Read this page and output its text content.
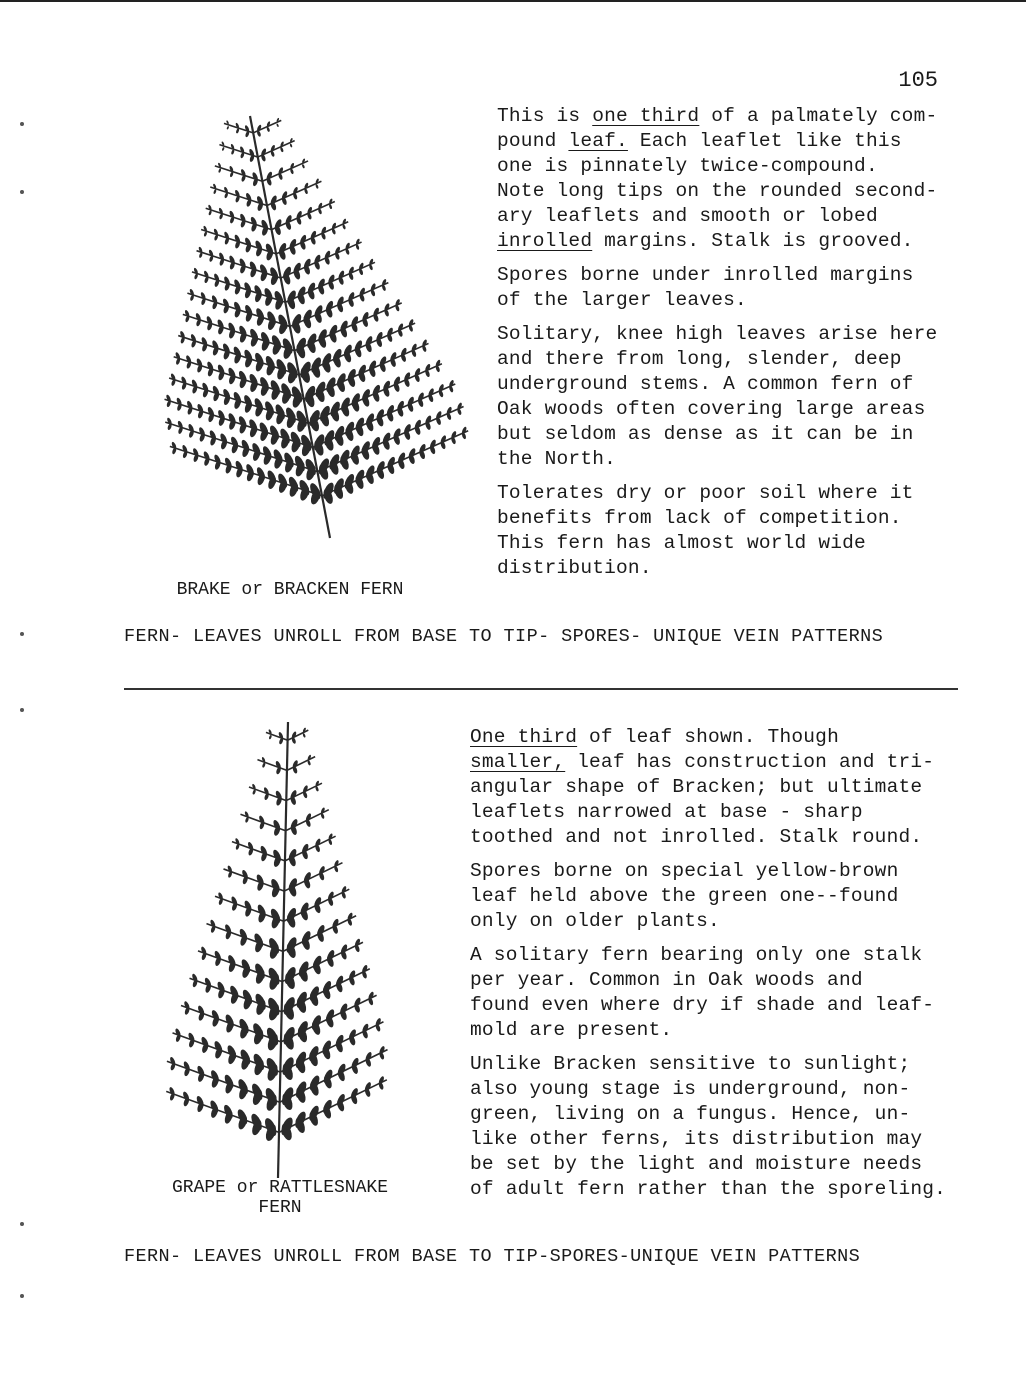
105
BRAKE or BRACKEN FERN

This is one third of a palmately com-
pound leaf. Each leaflet like this
one is pinnately twice-compound.
Note long tips on the rounded second-
ary leaflets and smooth or lobed
inrolled margins. Stalk is grooved.

Spores borne under inrolled margins
of the larger leaves.

Solitary, knee high leaves arise here
and there from long, slender, deep
underground stems. A common fern of
Oak woods often covering large areas
but seldom as dense as it can be in
the North.

Tolerates dry or poor soil where it
benefits from lack of competition.
This fern has almost world wide
distribution.

FERN- LEAVES UNROLL FROM BASE TO TIP- SPORES- UNIQUE VEIN PATTERNS
GRAPE or RATTLESNAKE
FERN

One third of leaf shown. Though
smaller, leaf has construction and tri-
angular shape of Bracken; but ultimate
leaflets narrowed at base - sharp
toothed and not inrolled. Stalk round.

Spores borne on special yellow-brown
leaf held above the green one--found
only on older plants.

A solitary fern bearing only one stalk
per year. Common in Oak woods and
found even where dry if shade and leaf-
mold are present.

Unlike Bracken sensitive to sunlight;
also young stage is underground, non-
green, living on a fungus. Hence, un-
like other ferns, its distribution may
be set by the light and moisture needs
of adult fern rather than the sporeling.

FERN- LEAVES UNROLL FROM BASE TO TIP-SPORES-UNIQUE VEIN PATTERNS
